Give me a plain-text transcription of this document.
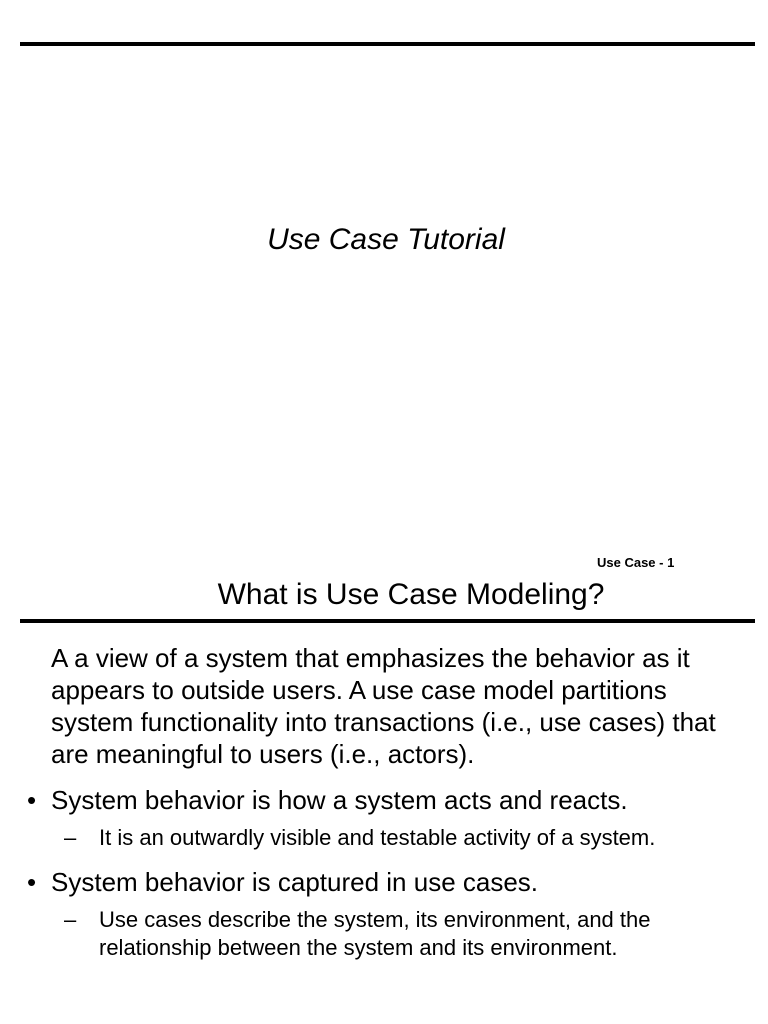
Use Case Tutorial
Use Case - 1
What is Use Case Modeling?

A a view of a system that emphasizes the behavior as it appears to outside users. A use case model partitions system functionality into transactions (i.e., use cases) that are meaningful to users (i.e., actors).

• System behavior is how a system acts and reacts.
– It is an outwardly visible and testable activity of a system.
• System behavior is captured in use cases.
– Use cases describe the system, its environment, and the relationship between the system and its environment.
